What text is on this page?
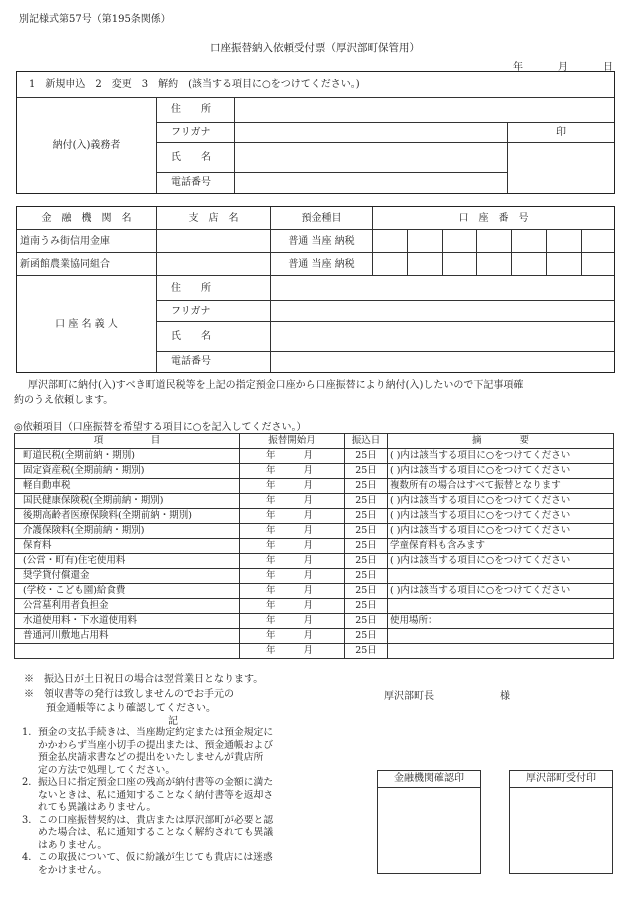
別記様式第57号（第195条関係）
口座振替納入依頼受付票（厚沢部町保管用）
年	月	日
1　新規申込　2　変更　3　解約　(該当する項目に○をつけてください。)			
納付(入)義務者	住　　所		
	フリガナ		印
	氏　　名		
	電話番号		
金　融　機　関　名	支　店　名	預金種目	口　座　番　号						
道南うみ街信用金庫		普通 当座 納税							
新函館農業協同組合		普通 当座 納税							
口 座 名 義 人	住　　所								
	フリガナ								
	氏　　名								
	電話番号								
厚沢部町に納付(入)すべき町道民税等を上記の指定預金口座から口座振替により納付(入)したいので下記事項確
約のうえ依頼します。
◎依頼項目（口座振替を希望する項目に○を記入してください。）
項　　　　　目	振替開始月	振込日	摘　　　　要
町道民税(全期前納・期別)	年 月	25日	( )内は該当する項目に○をつけてください
固定資産税(全期前納・期別)	年 月	25日	( )内は該当する項目に○をつけてください
軽自動車税	年 月	25日	複数所有の場合はすべて振替となります
国民健康保険税(全期前納・期別)	年 月	25日	( )内は該当する項目に○をつけてください
後期高齢者医療保険料(全期前納・期別)	年 月	25日	( )内は該当する項目に○をつけてください
介護保険料(全期前納・期別)	年 月	25日	( )内は該当する項目に○をつけてください
保育料	年 月	25日	学童保育料も含みます
(公営・町有)住宅使用料	年 月	25日	( )内は該当する項目に○をつけてください
奨学貸付償還金	年 月	25日	
(学校・こども園)給食費	年 月	25日	( )内は該当する項目に○をつけてください
公営墓利用者負担金	年 月	25日	
水道使用料・下水道使用料	年 月	25日	使用場所：
普通河川敷地占用料	年 月	25日	
	年 月	25日	
※　振込日が土日祝日の場合は翌営業日となります。
※　領収書等の発行は致しませんのでお手元の
預金通帳等により確認してください。
厚沢部町長	様
記
1. 預金の支払手続きは、当座勘定約定または預金規定に

かかわらず当座小切手の提出または、預金通帳および

預金払戻請求書などの提出をいたしませんが貴店所

定の方法で処理してください。

2. 振込日に指定預金口座の残高が納付書等の金額に満た

ないときは、私に通知することなく納付書等を返却さ

れても異議はありません。

3. この口座振替契約は、貴店または厚沢部町が必要と認

めた場合は、私に通知することなく解約されても異議

はありません。

4. この取扱について、仮に紛議が生じても貴店には迷惑

をかけません。

金融機関確認印	厚沢部町受付印
